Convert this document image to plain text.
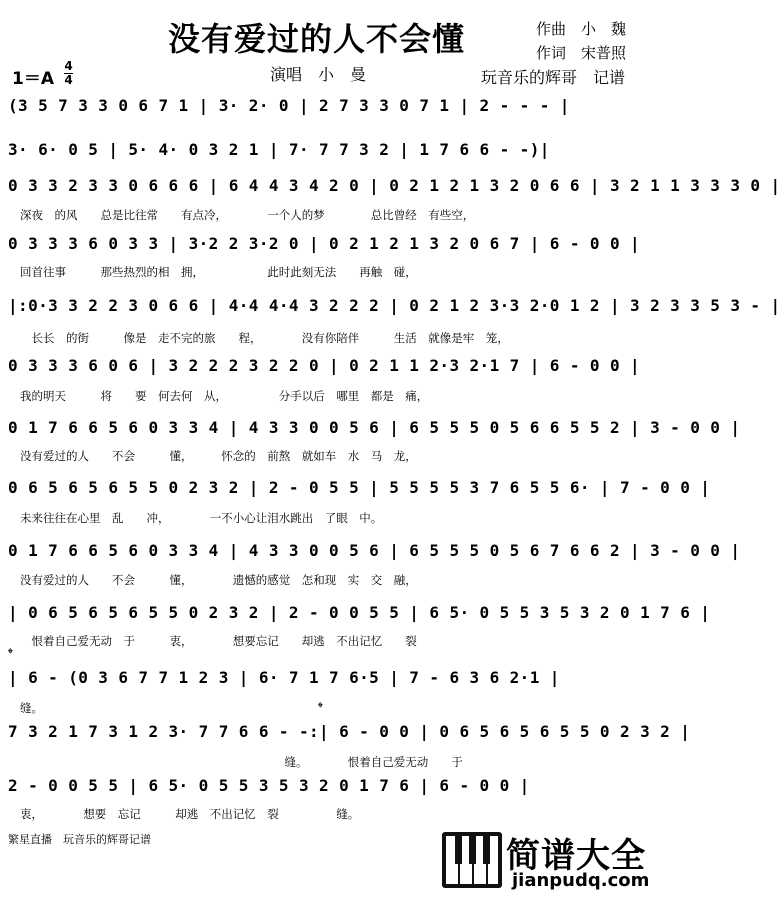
没有爱过的人不会懂	作曲　小　魏
作词　宋普照
1＝A
4
4	演唱　小　曼	玩音乐的辉哥　记谱
(3 5 7 3 3 0 6 7 1 | 3· 2· 0 | 2 7 3 3 0 7 1 | 2 - - - |
3· 6· 0 5 | 5· 4· 0 3 2 1 | 7· 7 7 3 2 | 1 7 6 6 - -)|
0 3 3 2 3 3 0 6 6 6 | 6 4 4 3 4 2 0 | 0 2 1 2 1 3 2 0 6 6 | 3 2 1 1 3 3 3 0 |
深夜　的风　　总是比往常　　有点冷，　　　　一个人的梦　　　　总比曾经　有些空，
0 3 3 3 6 0 3 3 | 3·2 2 3·2 0 | 0 2 1 2 1 3 2 0 6 7 | 6 - 0 0 |
回首往事　　　那些热烈的相　拥，　　　　　　此时此刻无法　　再触　碰，
|:0·3 3 2 2 3 0 6 6 | 4·4 4·4 3 2 2 2 | 0 2 1 2 3·3 2·0 1 2 | 3 2 3 3 5 3 - |
　长长　的街　　　像是　走不完的旅　　程，　　　　没有你陪伴　　　生活　就像是牢　笼，
0 3 3 3 6 0 6 | 3 2 2 2 3 2 2 0 | 0 2 1 1 2·3 2·1 7 | 6 - 0 0 |
我的明天　　　将　　要　何去何　从，　　　　　分手以后　哪里　都是　痛，
0 1 7 6 6 5 6 0 3 3 4 | 4 3 3 0 0 5 6 | 6 5 5 5 0 5 6 6 5 5 2 | 3 - 0 0 |
没有爱过的人　　不会　　　懂，　　　怀念的　前熬　就如车　水　马　龙，
0 6 5 6 5 6 5 5 0 2 3 2 | 2 - 0 5 5 | 5 5 5 5 3 7 6 5 5 6· | 7 - 0 0 |
未来往往在心里　乱　　冲，　　　　一不小心让泪水跳出　了眼　中。
0 1 7 6 6 5 6 0 3 3 4 | 4 3 3 0 0 5 6 | 6 5 5 5 0 5 6 7 6 6 2 | 3 - 0 0 |
没有爱过的人　　不会　　　懂，　　　　遗憾的感觉　怎和现　实　交　融，
| 0 6 5 6 5 6 5 5 0 2 3 2 | 2 - 0 0 5 5 | 6 5· 0 5 5 3 5 3 2 0 1 7 6 |
　恨着自己爱无动　于　　　衷，　　　　想要忘记　　却逃　不出记忆　　裂
𝄌
| 6 - (0 3 6 7 7 1 2 3 | 6· 7 1 7 6·5 | 7 - 6 3 6 2·1 |
缝。	𝄌
7 3 2 1 7 3 1 2 3· 7 7 6 6 - -:| 6 - 0 0 | 0 6 5 6 5 6 5 5 0 2 3 2 |
　　　　　　　　　　　　　　　　　　　　　　　缝。　　　　恨着自己爱无动　　于
2 - 0 0 5 5 | 6 5· 0 5 5 3 5 3 2 0 1 7 6 | 6 - 0 0 |
衷，　　　　想要　忘记　　　却逃　不出记忆　裂　　　　　缝。
繁星直播　玩音乐的辉哥记谱	简谱大全
jianpudq.com
